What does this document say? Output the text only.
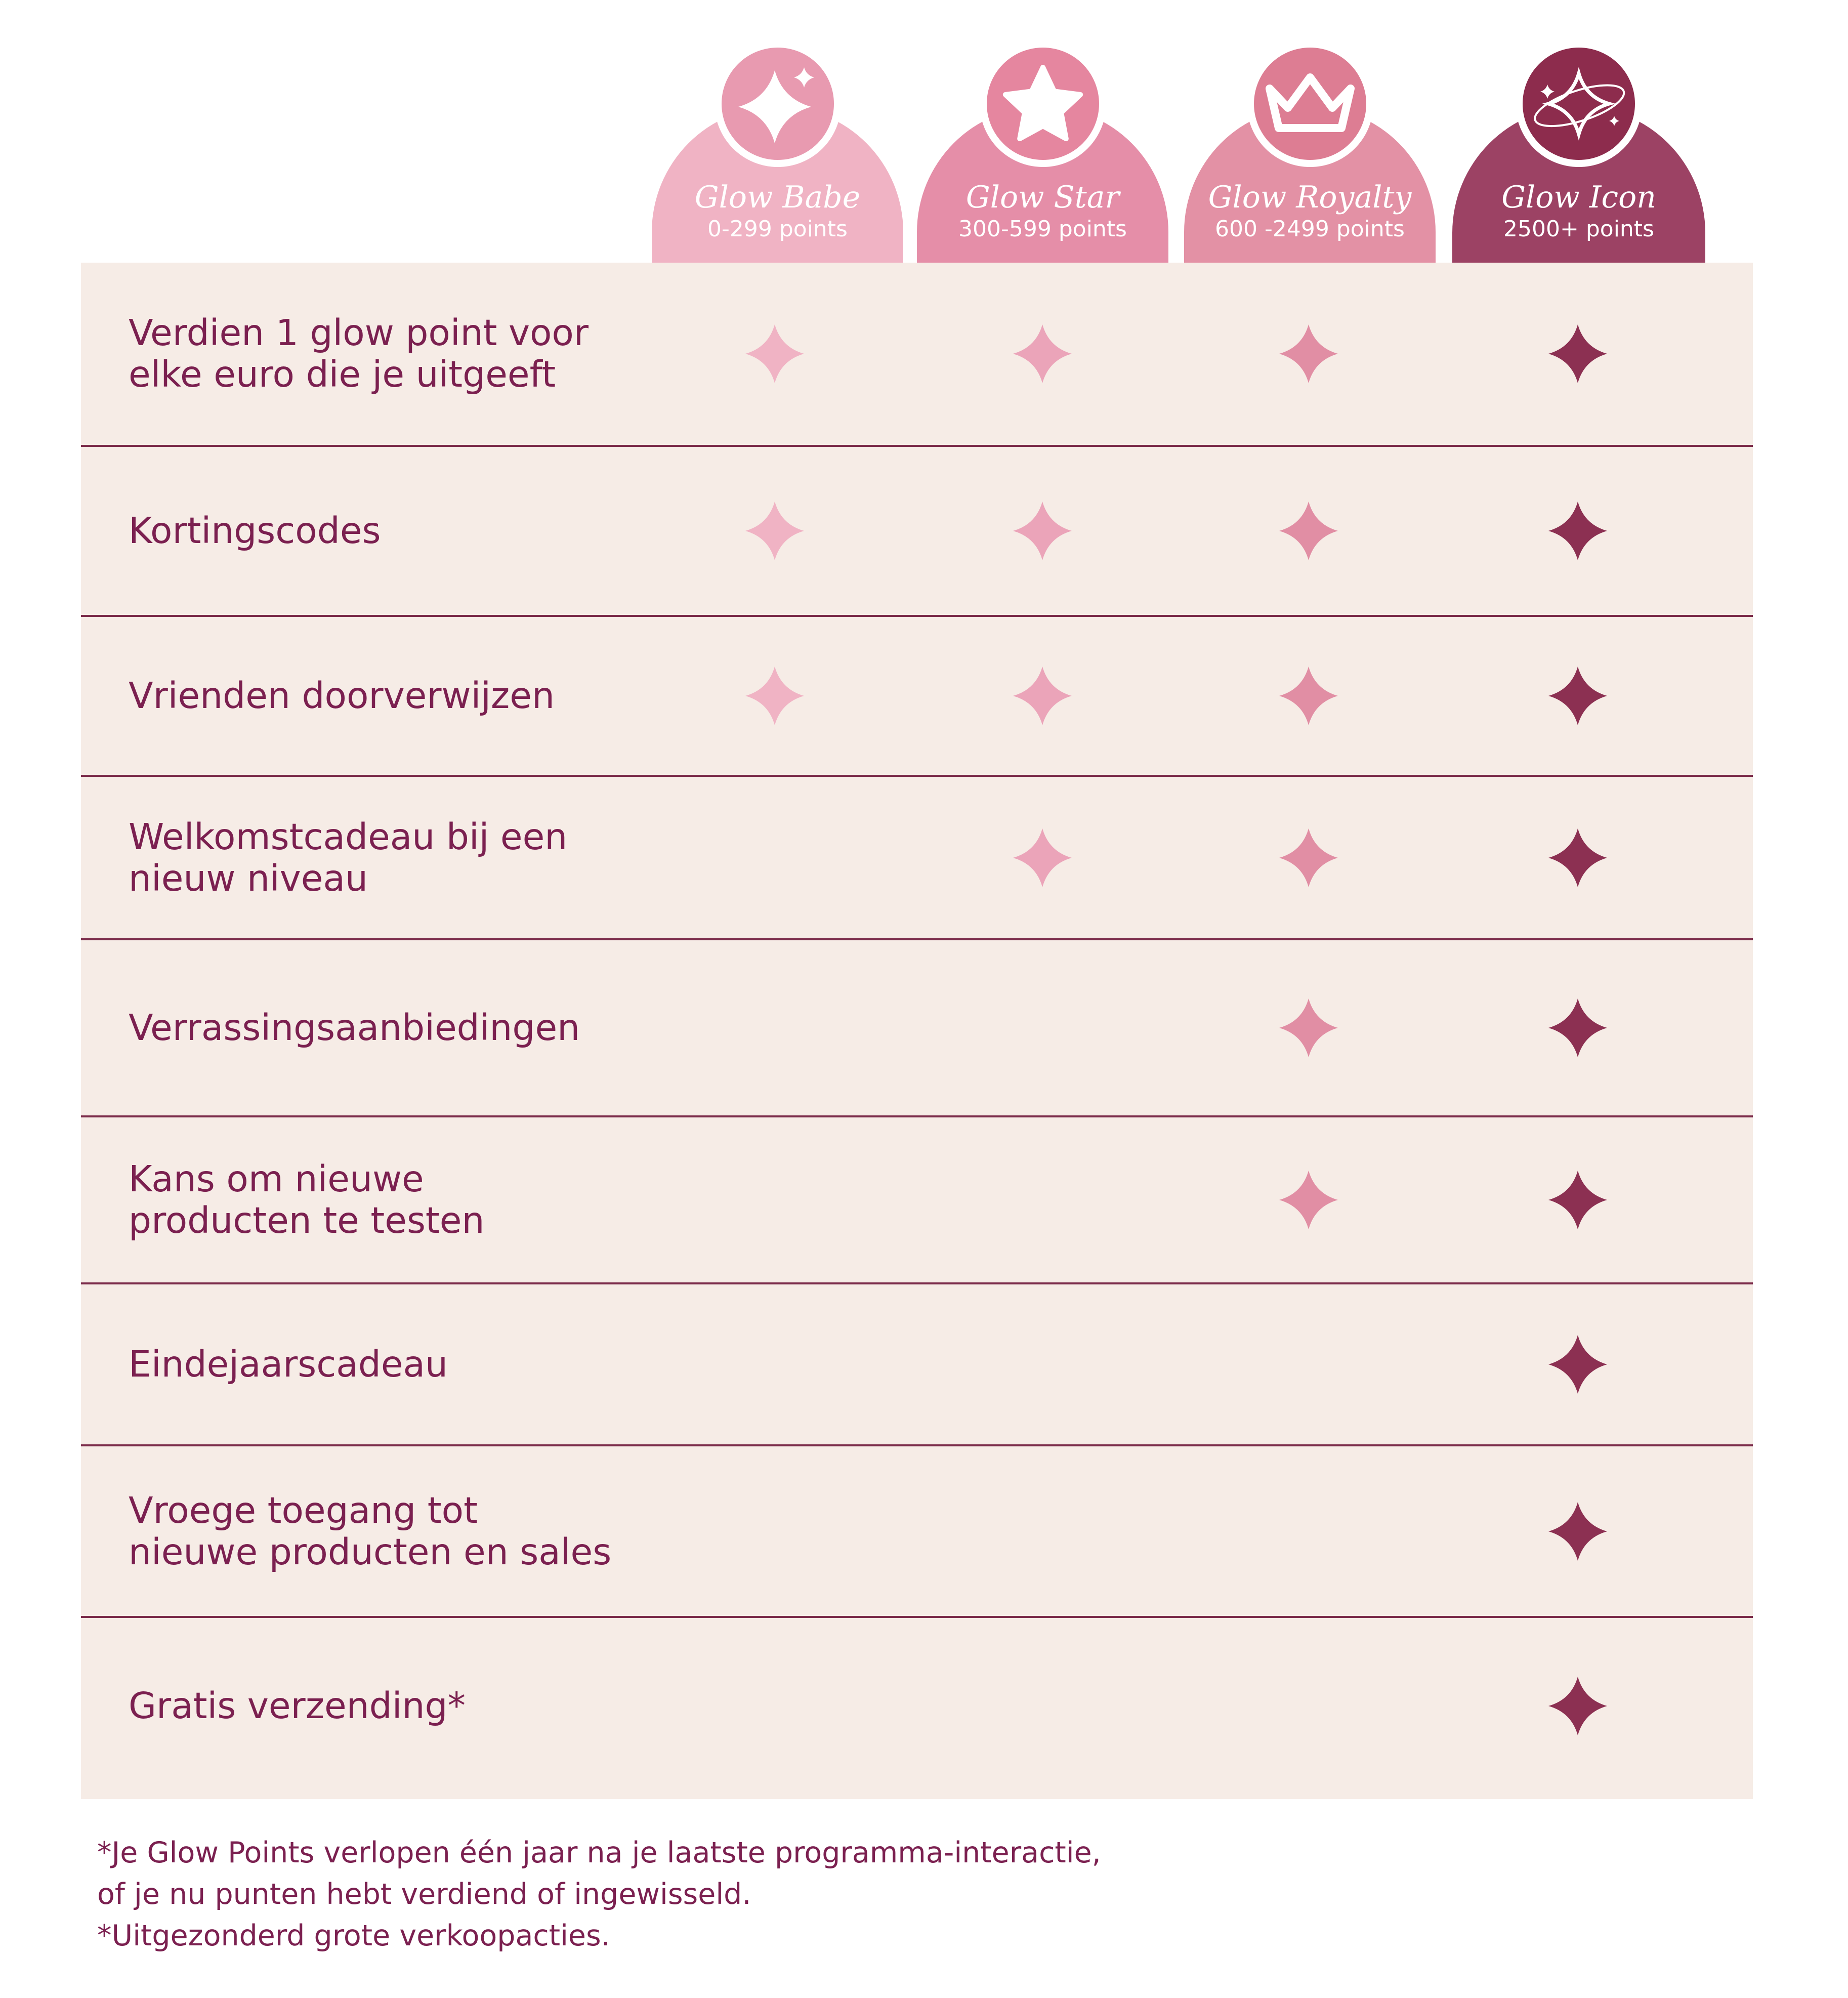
Glow Babe
0-299 points
Glow Star
300-599 points
Glow Royalty
600 -2499 points
Glow Icon
2500+ points
Verdien 1 glow point voor
elke euro die je uitgeeft
Kortingscodes
Vrienden doorverwijzen
Welkomstcadeau bij een
nieuw niveau
Verrassingsaanbiedingen
Kans om nieuwe
producten te testen
Eindejaarscadeau
Vroege toegang tot
nieuwe producten en sales
Gratis verzending*
*Je Glow Points verlopen één jaar na je laatste programma-interactie,
of je nu punten hebt verdiend of ingewisseld.
*Uitgezonderd grote verkoopacties.
